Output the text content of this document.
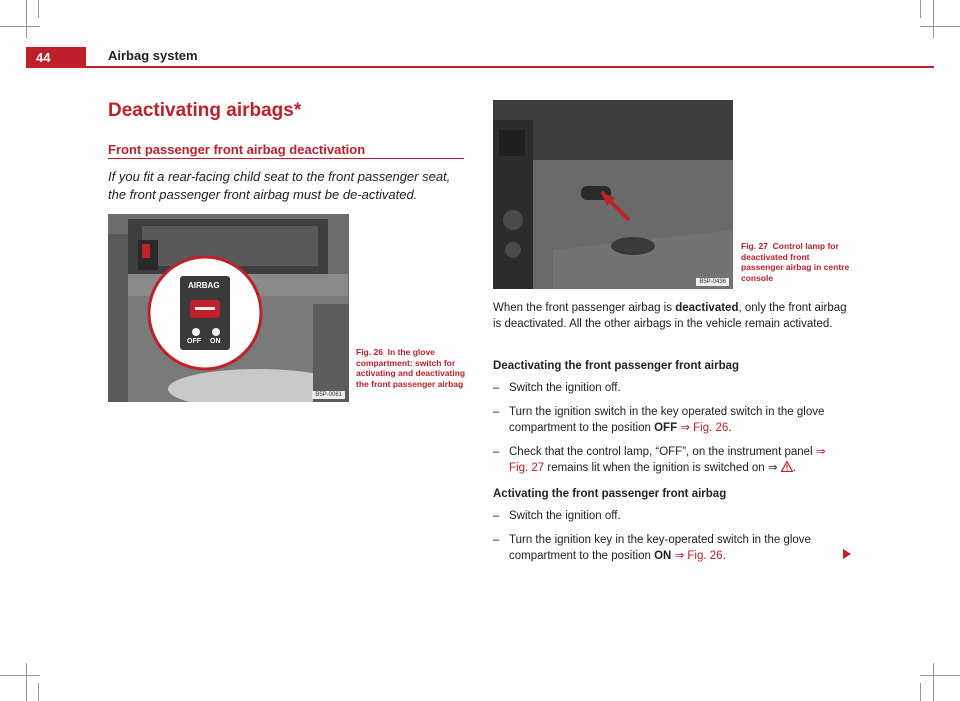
44	Airbag system
Deactivating airbags*
Front passenger front airbag deactivation
If you fit a rear-facing child seat to the front passenger seat, the front passenger front airbag must be de-activated.
AIRBAG
OFF ON
B5P-0061
Fig. 26 In the glove compartment: switch for activating and deactivating the front passenger airbag
B5P-0436
Fig. 27 Control lamp for deactivated front passenger airbag in centre console
When the front passenger airbag is deactivated, only the front airbag is deactivated. All the other airbags in the vehicle remain activated.
Deactivating the front passenger front airbag
– Switch the ignition off.
– Turn the ignition switch in the key operated switch in the glove compartment to the position OFF ⇒ Fig. 26.
– Check that the control lamp, “OFF”, on the instrument panel ⇒ Fig. 27 remains lit when the ignition is switched on ⇒ .
Activating the front passenger front airbag
– Switch the ignition off.
– Turn the ignition key in the key-operated switch in the glove compartment to the position ON ⇒ Fig. 26.
